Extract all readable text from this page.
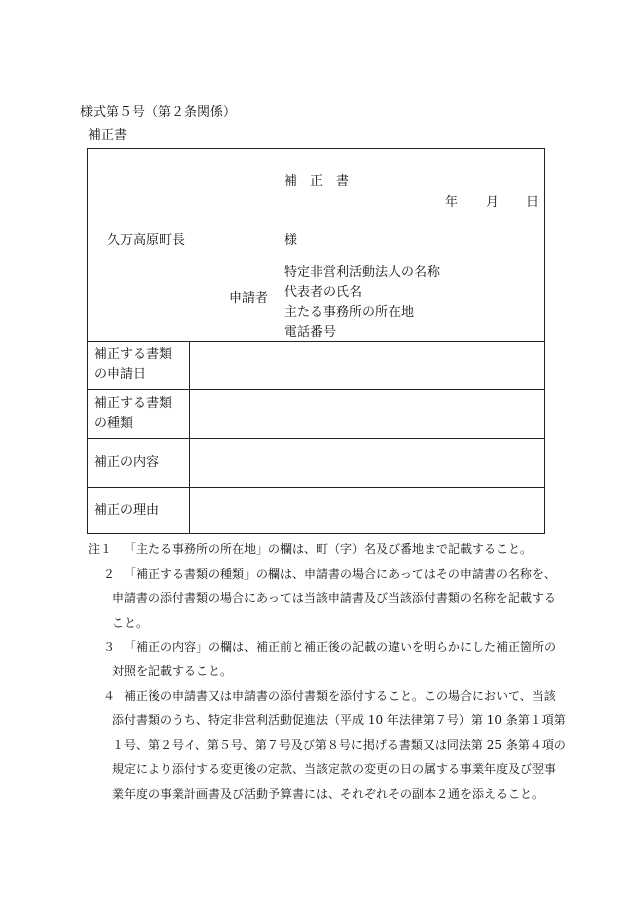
様式第５号（第２条関係）
補正書
補　正　書
年 月 日
久万高原町長	様
申請者
特定非営利活動法人の名称
代表者の氏名
主たる事務所の所在地
電話番号
補正する書類
の申請日
補正する書類
の種類
補正の内容
補正の理由
注１ 「主たる事務所の所在地」の欄は、町（字）名及び番地まで記載すること。
２ 「補正する書類の種類」の欄は、申請書の場合にあってはその申請書の名称を、
申請書の添付書類の場合にあっては当該申請書及び当該添付書類の名称を記載する
こと。
３ 「補正の内容」の欄は、補正前と補正後の記載の違いを明らかにした補正箇所の
対照を記載すること。
４ 補正後の申請書又は申請書の添付書類を添付すること。この場合において、当該
添付書類のうち、特定非営利活動促進法（平成 10 年法律第７号）第 10 条第１項第
１号、第２号イ、第５号、第７号及び第８号に掲げる書類又は同法第 25 条第４項の
規定により添付する変更後の定款、当該定款の変更の日の属する事業年度及び翌事
業年度の事業計画書及び活動予算書には、それぞれその副本２通を添えること。
